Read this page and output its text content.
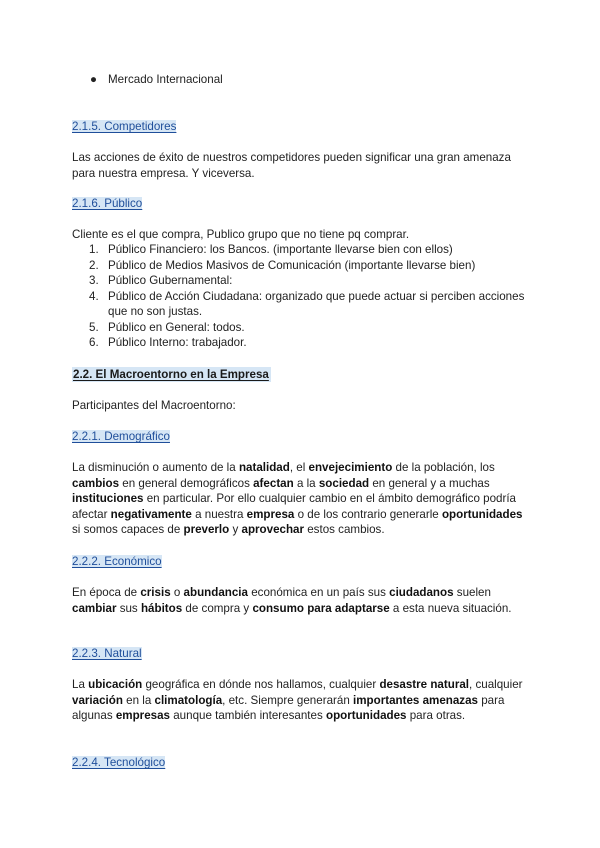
● Mercado Internacional

2.1.5. Competidores

Las acciones de éxito de nuestros competidores pueden significar una gran amenaza para nuestra empresa. Y viceversa.

2.1.6. Público

Cliente es el que compra, Publico grupo que no tiene pq comprar.

1. Público Financiero: los Bancos. (importante llevarse bien con ellos)
2. Público de Medios Masivos de Comunicación (importante llevarse bien)
3. Público Gubernamental:
4. Público de Acción Ciudadana: organizado que puede actuar si perciben acciones que no son justas.
5. Público en General: todos.
6. Público Interno: trabajador.

2.2. El Macroentorno en la Empresa

Participantes del Macroentorno:

2.2.1. Demográfico

La disminución o aumento de la natalidad, el envejecimiento de la población, los cambios en general demográficos afectan a la sociedad en general y a muchas instituciones en particular. Por ello cualquier cambio en el ámbito demográfico podría afectar negativamente a nuestra empresa o de los contrario generarle oportunidades si somos capaces de preverlo y aprovechar estos cambios.

2.2.2. Económico

En época de crisis o abundancia económica en un país sus ciudadanos suelen cambiar sus hábitos de compra y consumo para adaptarse a esta nueva situación.

2.2.3. Natural

La ubicación geográfica en dónde nos hallamos, cualquier desastre natural, cualquier variación en la climatología, etc. Siempre generarán importantes amenazas para algunas empresas aunque también interesantes oportunidades para otras.

2.2.4. Tecnológico
